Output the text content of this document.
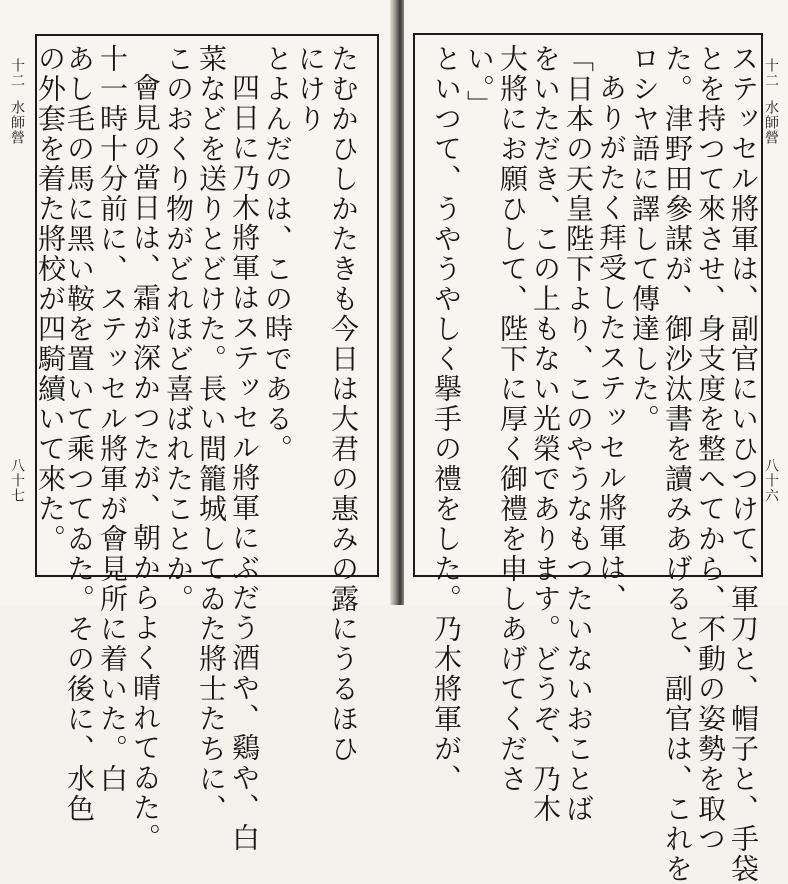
たむかひしかたきも今日は大君の惠みの露にうるほひ
にけり
とよんだのは、この時である。
四日に乃木將軍はステッセル將軍にぶだう酒や、鷄や、白
菜などを送りとどけた。長い間籠城してゐた將士たちに、
このおくり物がどれほど喜ばれたことか。
會見の當日は、霜が深かつたが、朝からよく晴れてゐた。
十一時十分前に、ステッセル將軍が會見所に着いた。白
あし毛の馬に黑い鞍を置いて乘つてゐた。その後に、水色
の外套を着た將校が四騎續いて來た。
十二
水師營
八十七	ステッセル將軍は、副官にいひつけて、軍刀と、帽子と、手袋
とを持つて來させ、身支度を整へてから、不動の姿勢を取つ
た。津野田參謀が、御沙汰書を讀みあげると、副官は、これを
ロシヤ語に譯して傳達した。
ありがたく拜受したステッセル將軍は、
「日本の天皇陛下より、このやうなもつたいないおことば
をいただき、この上もない光榮であります。どうぞ、乃木
大將にお願ひして、陛下に厚く御禮を申しあげてくださ
い。」
といつて、うやうやしく擧手の禮をした。乃木將軍が、	十二
水師營
八十六
